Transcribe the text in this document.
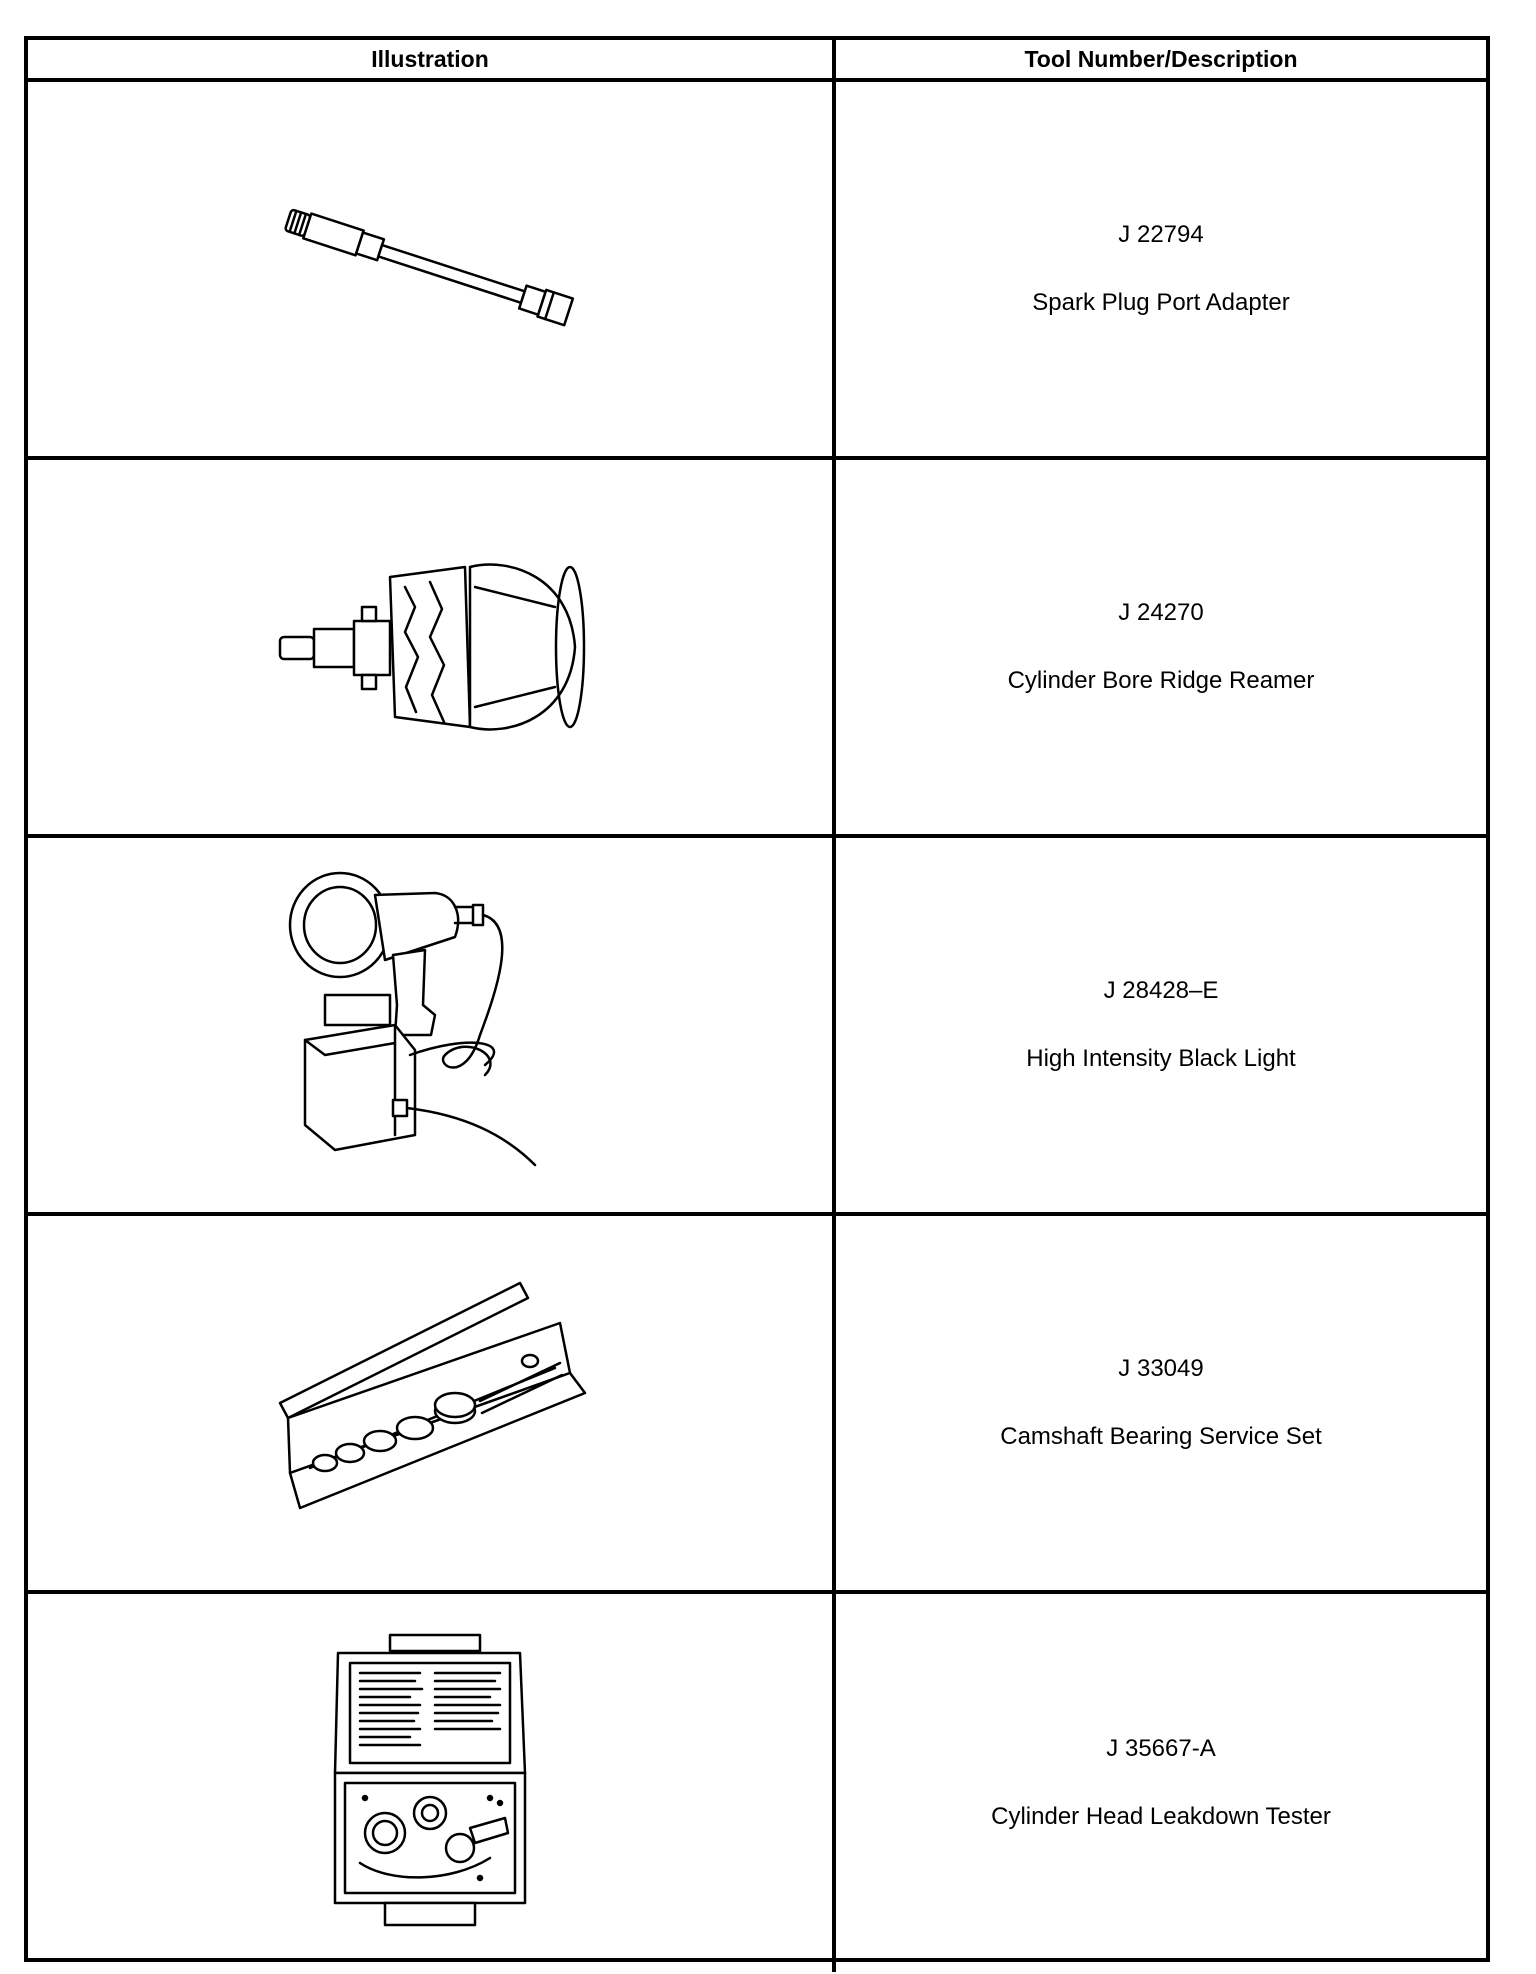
Illustration	Tool Number/Description
J 22794
Spark Plug Port Adapter
J 24270
Cylinder Bore Ridge Reamer
J 28428–E
High Intensity Black Light
J 33049
Camshaft Bearing Service Set
J 35667-A
Cylinder Head Leakdown Tester
